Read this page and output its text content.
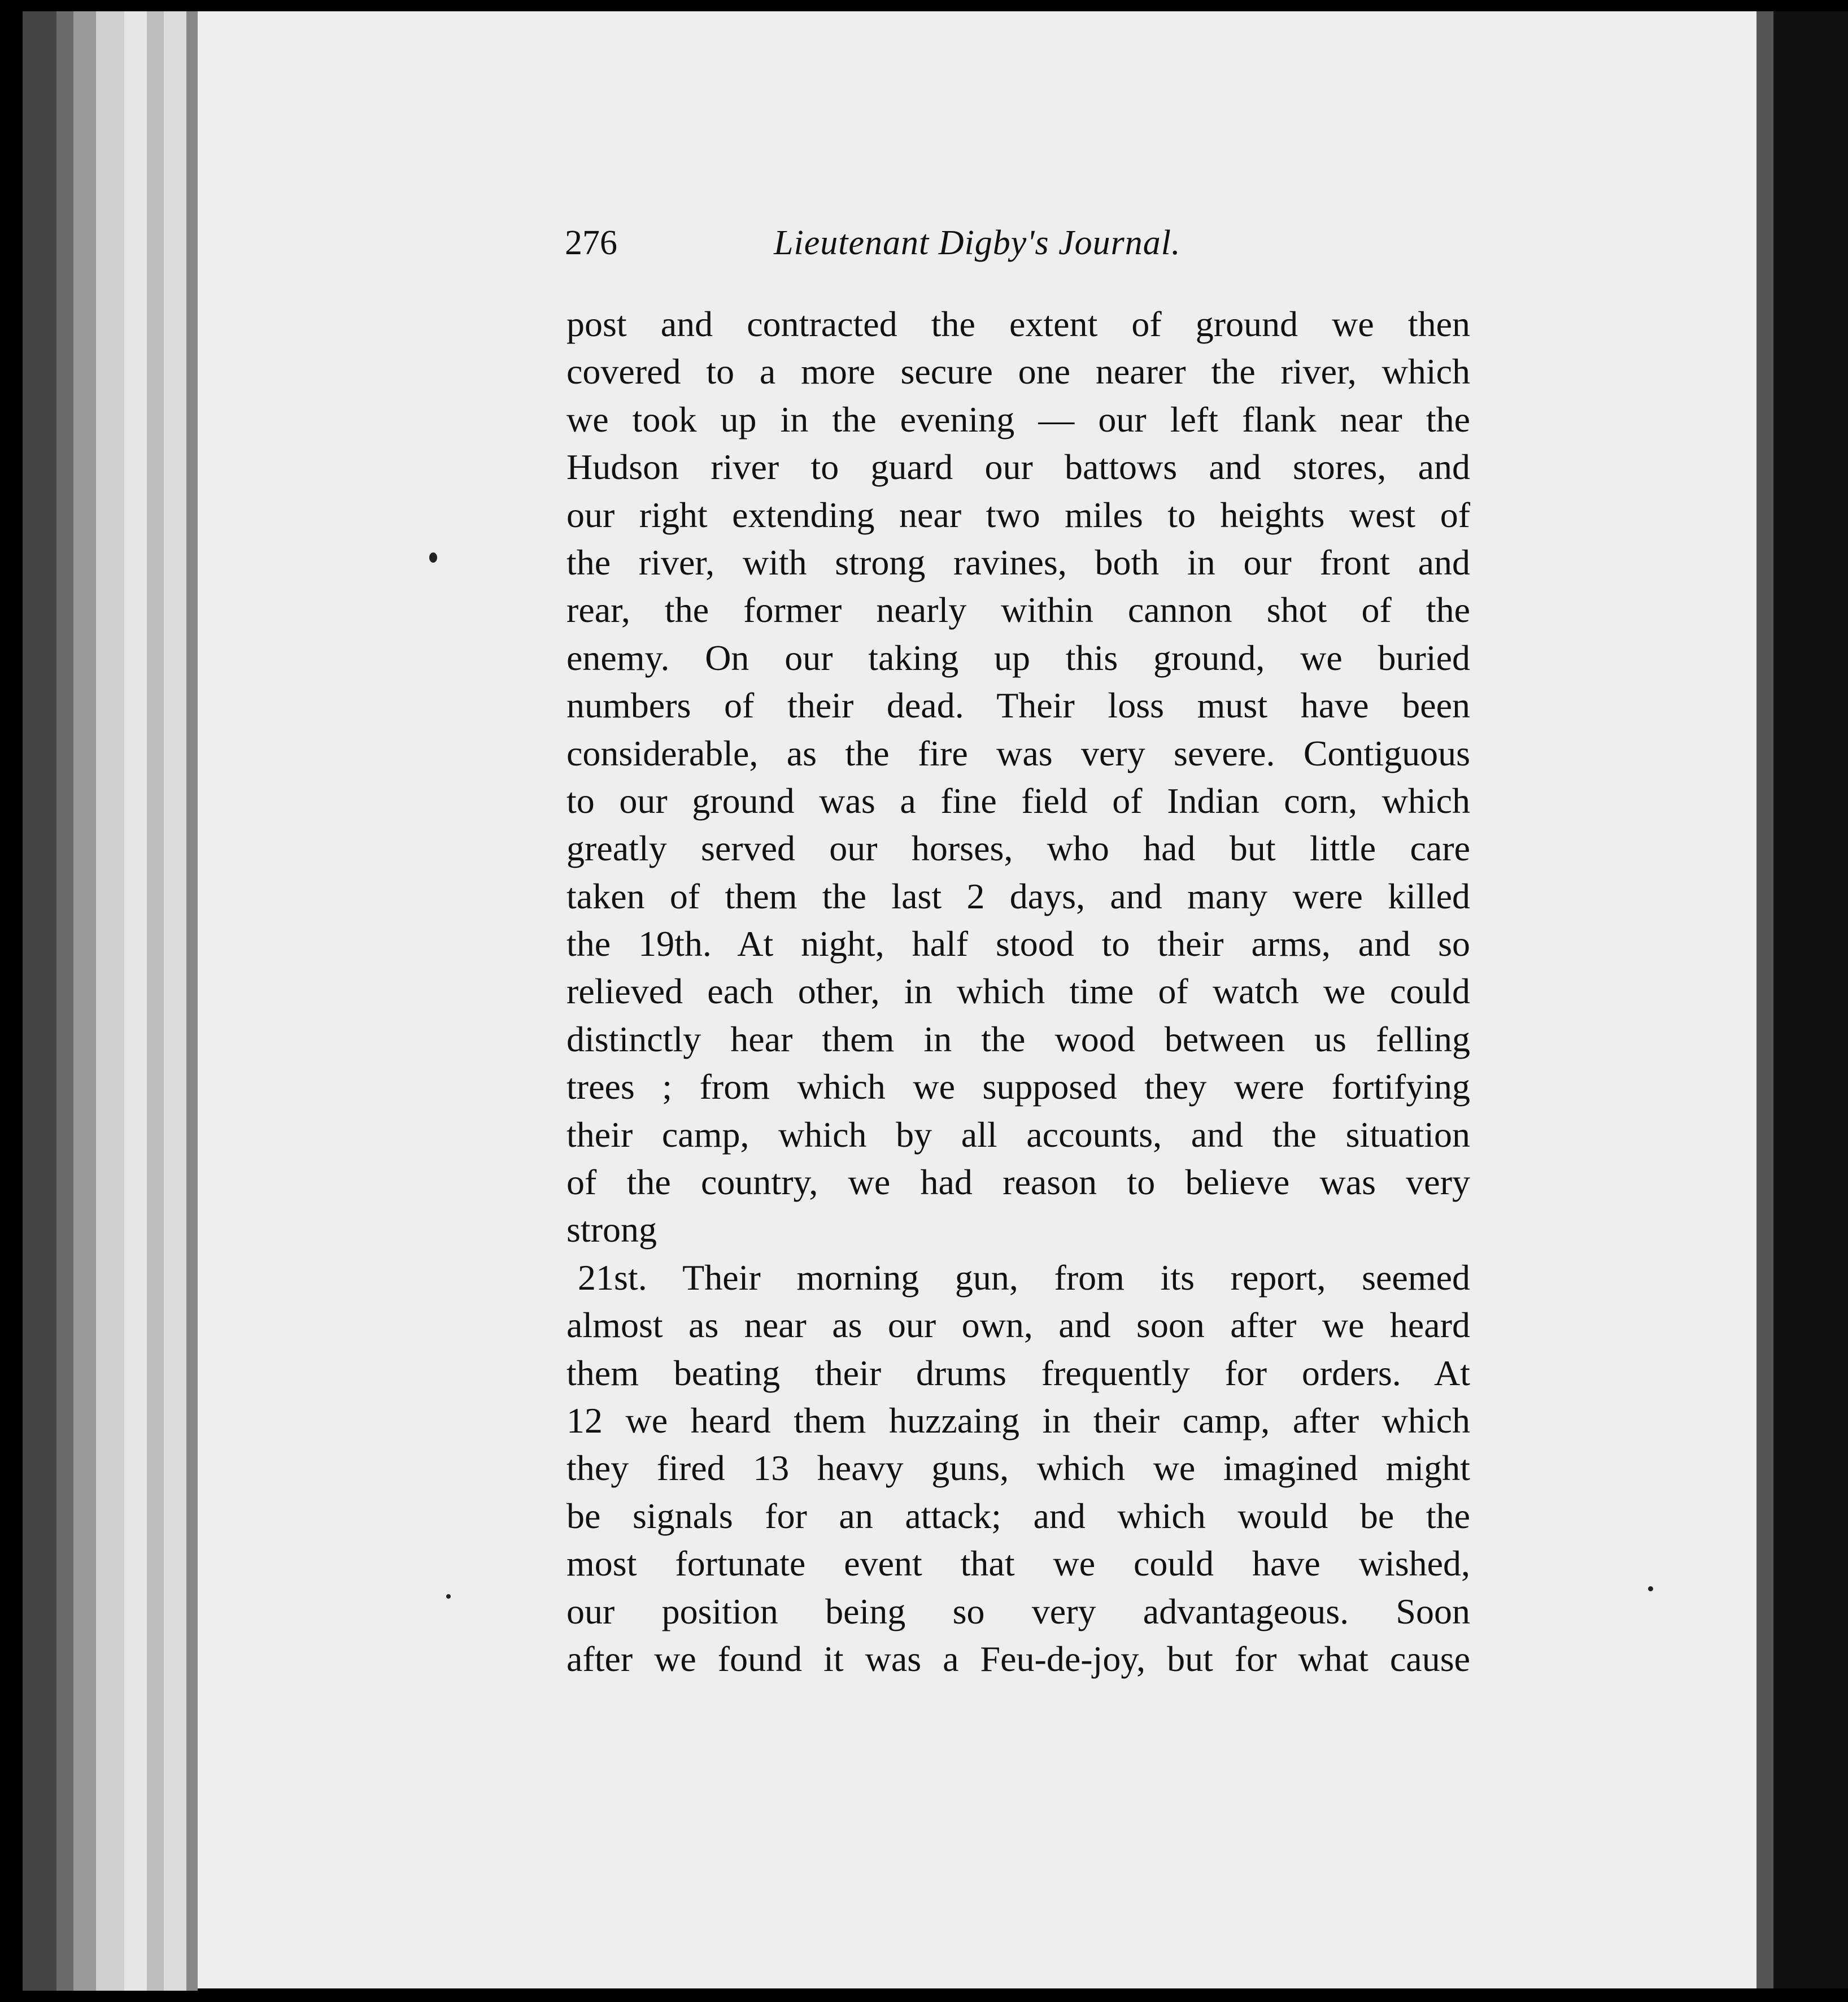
276	Lieutenant Digby's Journal.
post and contracted the extent of ground we then
covered to a more secure one nearer the river, which
we took up in the evening — our left flank near the
Hudson river to guard our battows and stores, and
our right extending near two miles to heights west of
the river, with strong ravines, both in our front and
rear, the former nearly within cannon shot of the
enemy. On our taking up this ground, we buried
numbers of their dead. Their loss must have been
considerable, as the fire was very severe. Contiguous
to our ground was a fine field of Indian corn, which
greatly served our horses, who had but little care
taken of them the last 2 days, and many were killed
the 19th. At night, half stood to their arms, and so
relieved each other, in which time of watch we could
distinctly hear them in the wood between us felling
trees ; from which we supposed they were fortifying
their camp, which by all accounts, and the situation
of the country, we had reason to believe was very
strong
21st. Their morning gun, from its report, seemed
almost as near as our own, and soon after we heard
them beating their drums frequently for orders. At
12 we heard them huzzaing in their camp, after which
they fired 13 heavy guns, which we imagined might
be signals for an attack; and which would be the
most fortunate event that we could have wished,
our position being so very advantageous. Soon
after we found it was a Feu-de-joy, but for what cause
